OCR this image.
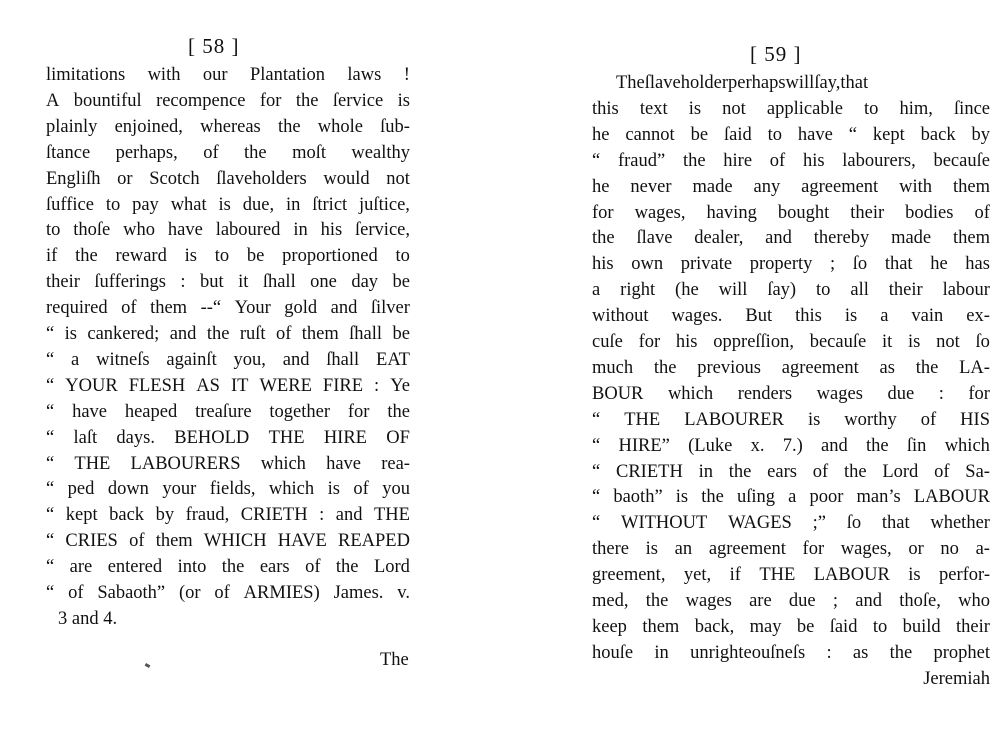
[ 58 ]
limitations with our Plantation laws !
A bountiful recompence for the ſervice is
plainly enjoined, whereas the whole ſub-
ſtance perhaps, of the moſt wealthy
Engliſh or Scotch ſlaveholders would not
ſuffice to pay what is due, in ſtrict juſtice,
to thoſe who have laboured in his ſervice,
if the reward is to be proportioned to
their ſufferings : but it ſhall one day be
required of them --“ Your gold and ſilver
“ is cankered; and the ruſt of them ſhall be
“ a witneſs againſt you, and ſhall EAT
“ YOUR FLESH AS IT WERE FIRE : Ye
“ have heaped treaſure together for the
“ laſt days. BEHOLD THE HIRE OF
“ THE LABOURERS which have rea-
“ ped down your fields, which is of you
“ kept back by fraud, CRIETH : and THE
“ CRIES of them WHICH HAVE REAPED
“ are entered into the ears of the Lord
“ of Sabaoth” (or of ARMIES) James. v.
3 and 4.
The
[ 59 ]
The ſlaveholder perhaps will ſay, that
this text is not applicable to him, ſince
he cannot be ſaid to have “ kept back by
“ fraud” the hire of his labourers, becauſe
he never made any agreement with them
for wages, having bought their bodies of
the ſlave dealer, and thereby made them
his own private property ; ſo that he has
a right (he will ſay) to all their labour
without wages. But this is a vain ex-
cuſe for his oppreſſion, becauſe it is not ſo
much the previous agreement as the LA-
BOUR which renders wages due : for
“ THE LABOURER is worthy of HIS
“ HIRE” (Luke x. 7.) and the ſin which
“ CRIETH in the ears of the Lord of Sa-
“ baoth” is the uſing a poor man’s LABOUR
“ WITHOUT WAGES ;” ſo that whether
there is an agreement for wages, or no a-
greement, yet, if THE LABOUR is perfor-
med, the wages are due ; and thoſe, who
keep them back, may be ſaid to build their
houſe in unrighteouſneſs : as the prophet
Jeremiah
